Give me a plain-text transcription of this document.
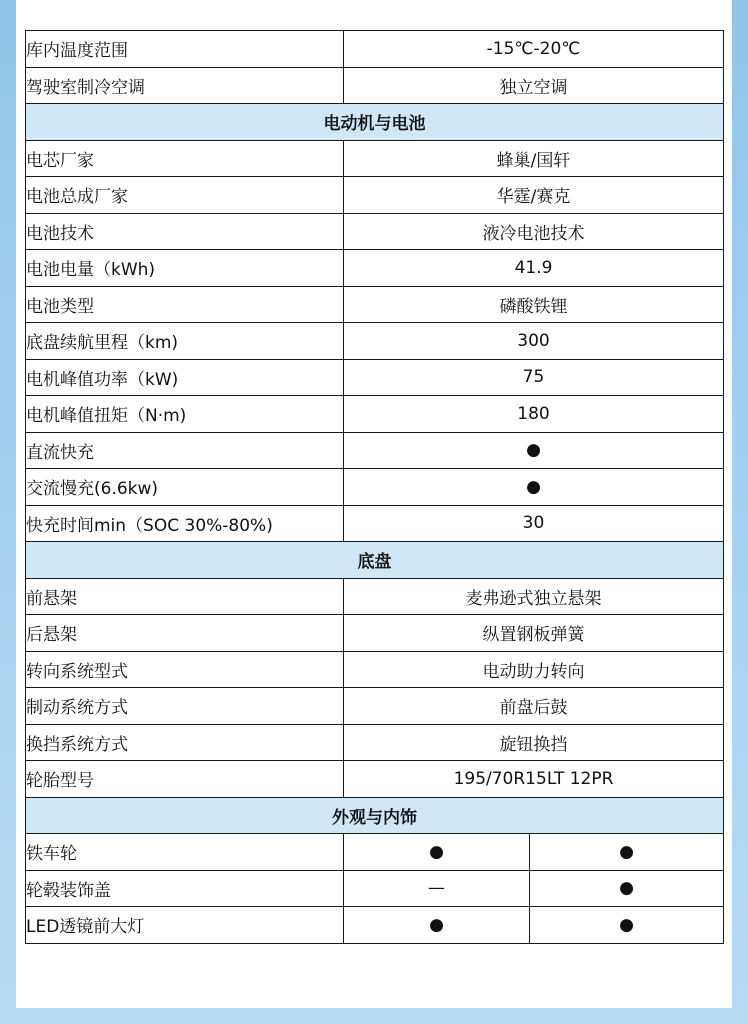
库内温度范围	-15℃-20℃	
驾驶室制冷空调	独立空调	
电动机与电池		
电芯厂家	蜂巢/国轩	
电池总成厂家	华霆/赛克	
电池技术	液冷电池技术	
电池电量（kWh)	41.9	
电池类型	磷酸铁锂	
底盘续航里程（km)	300	
电机峰值功率（kW)	75	
电机峰值扭矩（N·m)	180	
直流快充	●	
交流慢充(6.6kw)	●	
快充时间min（SOC 30%-80%)	30	
底盘		
前悬架	麦弗逊式独立悬架	
后悬架	纵置钢板弹簧	
转向系统型式	电动助力转向	
制动系统方式	前盘后鼓	
换挡系统方式	旋钮换挡	
轮胎型号	195/70R15LT 12PR	
外观与内饰		
铁车轮	●	●
轮毂装饰盖	—	●
LED透镜前大灯	●	●
